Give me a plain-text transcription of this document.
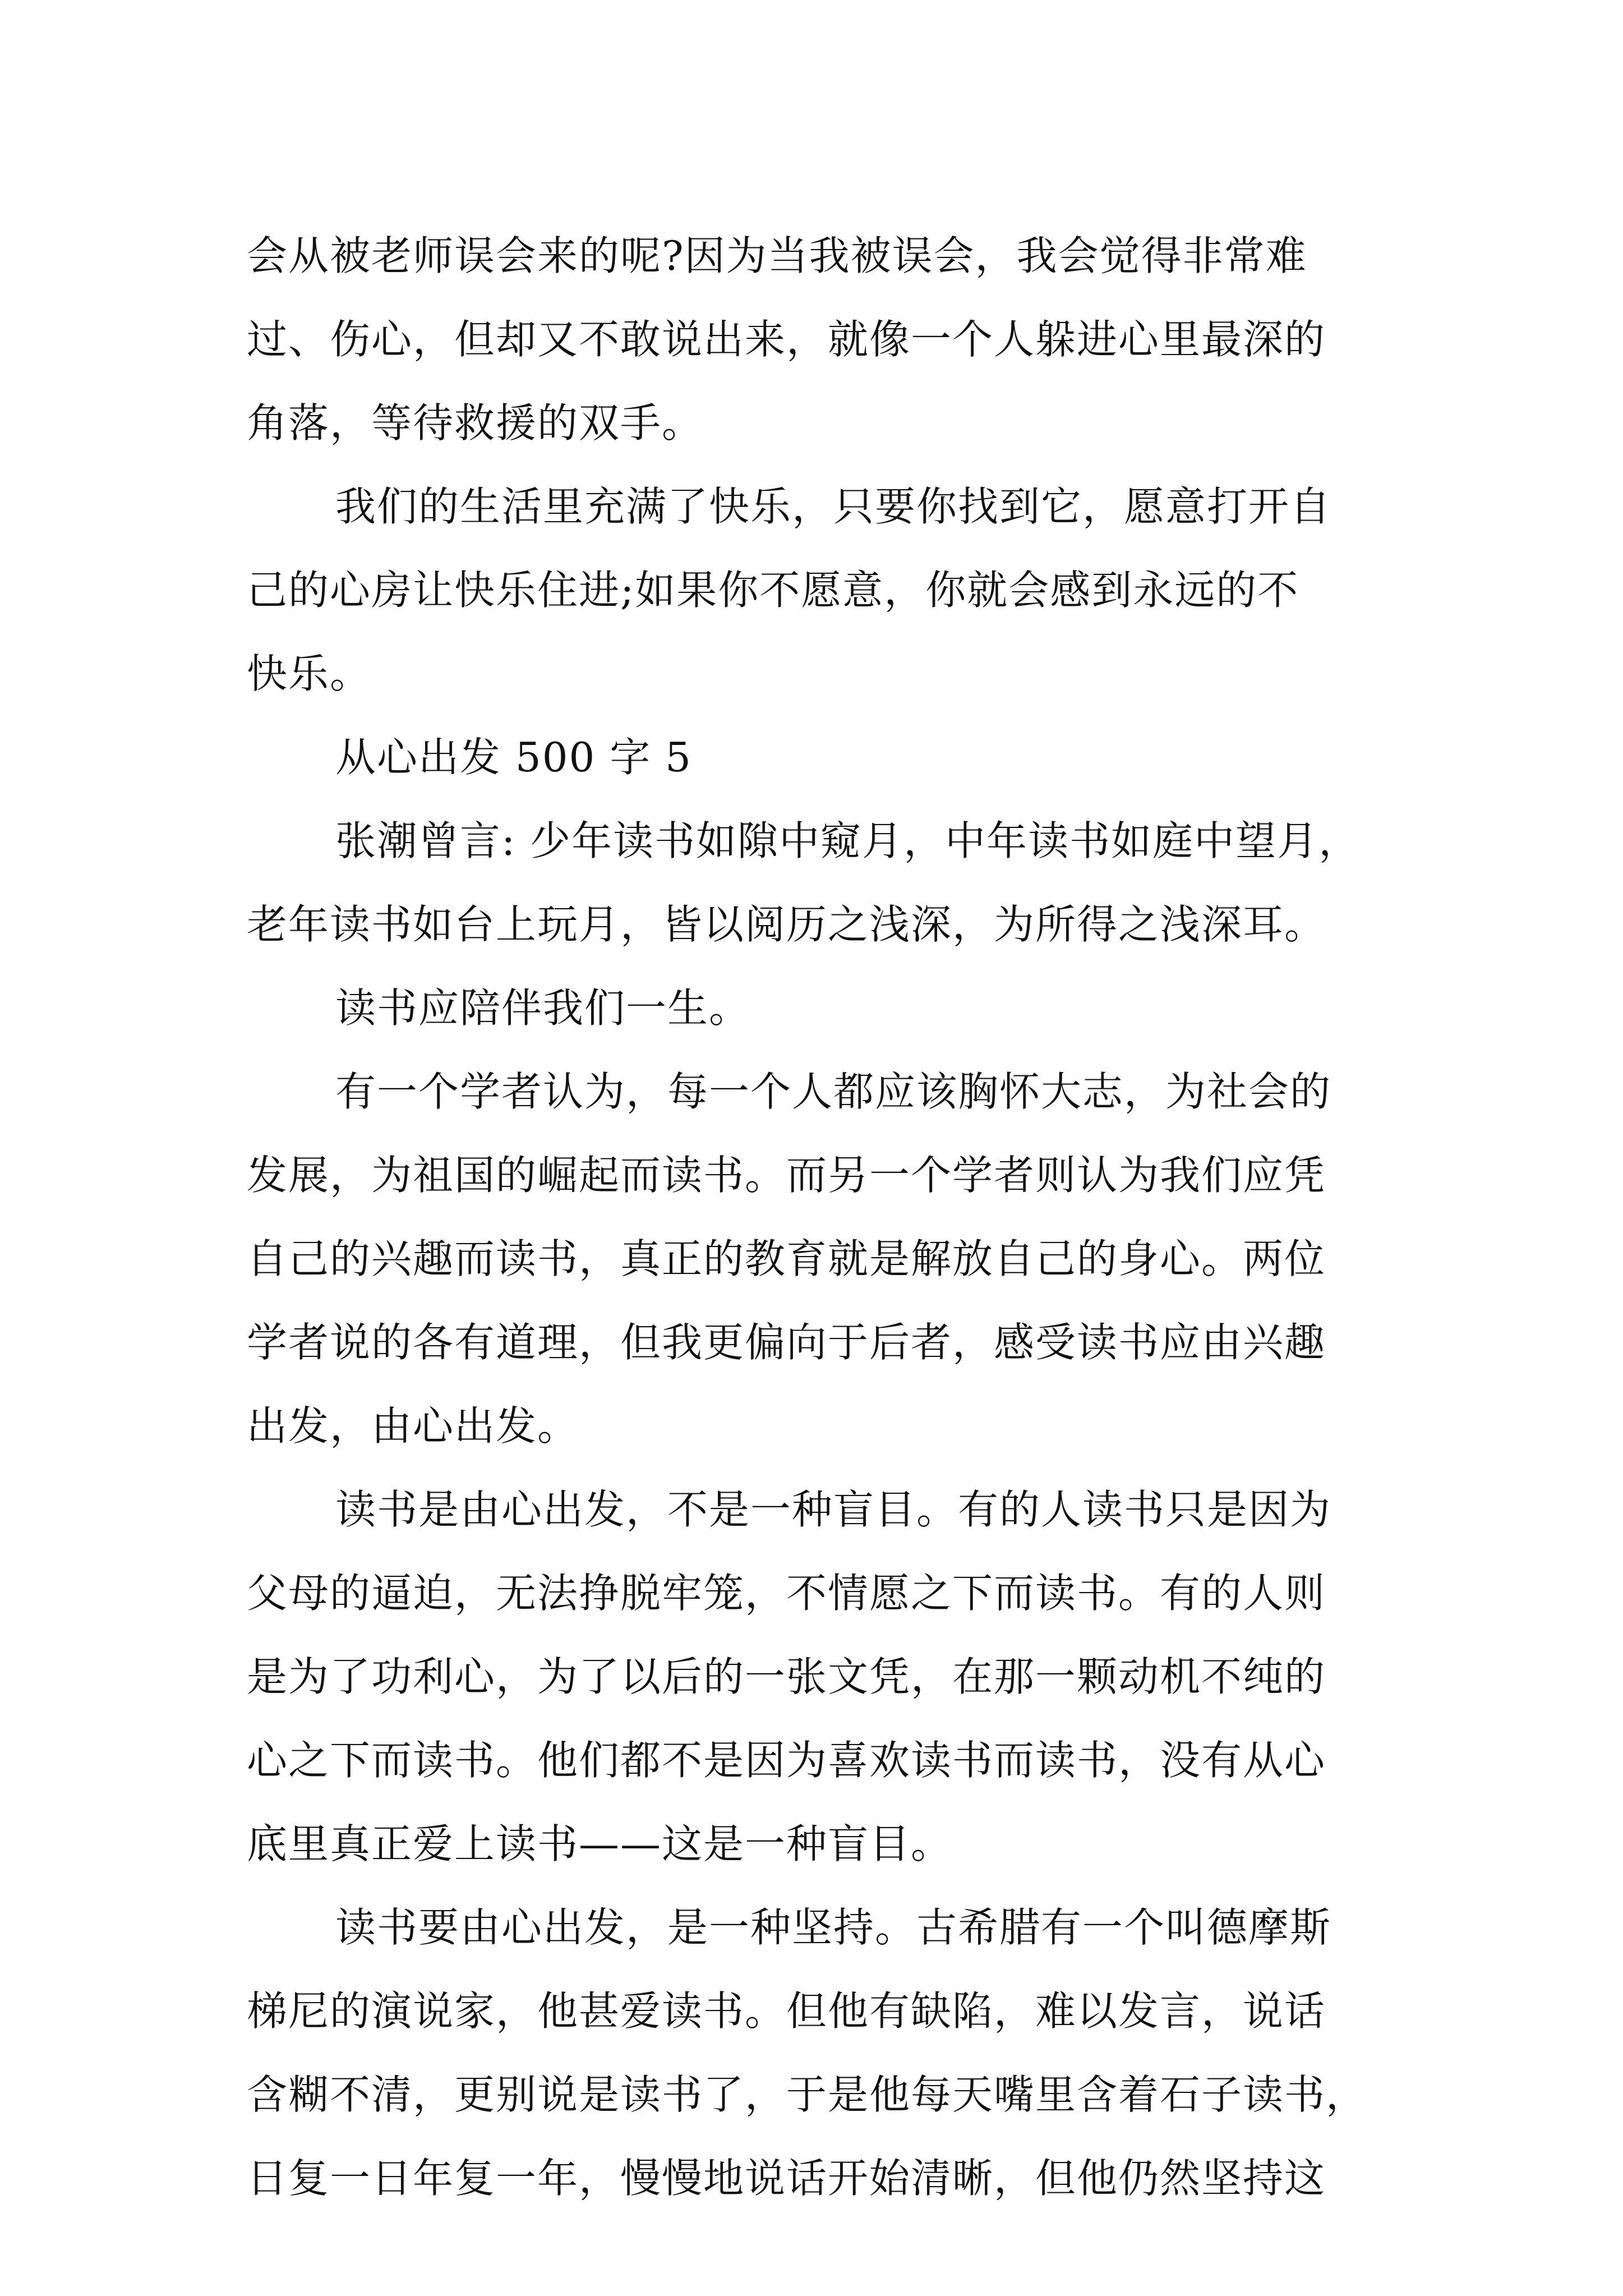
会从被老师误会来的呢?因为当我被误会，我会觉得非常难
过、伤心，但却又不敢说出来，就像一个人躲进心里最深的
角落，等待救援的双手。
我们的生活里充满了快乐，只要你找到它，愿意打开自
己的心房让快乐住进;如果你不愿意，你就会感到永远的不
快乐。
从心出发 500 字 5
张潮曾言: 少年读书如隙中窥月，中年读书如庭中望月，
老年读书如台上玩月，皆以阅历之浅深，为所得之浅深耳。
读书应陪伴我们一生。
有一个学者认为，每一个人都应该胸怀大志，为社会的
发展，为祖国的崛起而读书。而另一个学者则认为我们应凭
自己的兴趣而读书，真正的教育就是解放自己的身心。两位
学者说的各有道理，但我更偏向于后者，感受读书应由兴趣
出发，由心出发。
读书是由心出发，不是一种盲目。有的人读书只是因为
父母的逼迫，无法挣脱牢笼，不情愿之下而读书。有的人则
是为了功利心，为了以后的一张文凭，在那一颗动机不纯的
心之下而读书。他们都不是因为喜欢读书而读书，没有从心
底里真正爱上读书——这是一种盲目。
读书要由心出发，是一种坚持。古希腊有一个叫德摩斯
梯尼的演说家，他甚爱读书。但他有缺陷，难以发言，说话
含糊不清，更别说是读书了，于是他每天嘴里含着石子读书，
日复一日年复一年，慢慢地说话开始清晰，但他仍然坚持这
